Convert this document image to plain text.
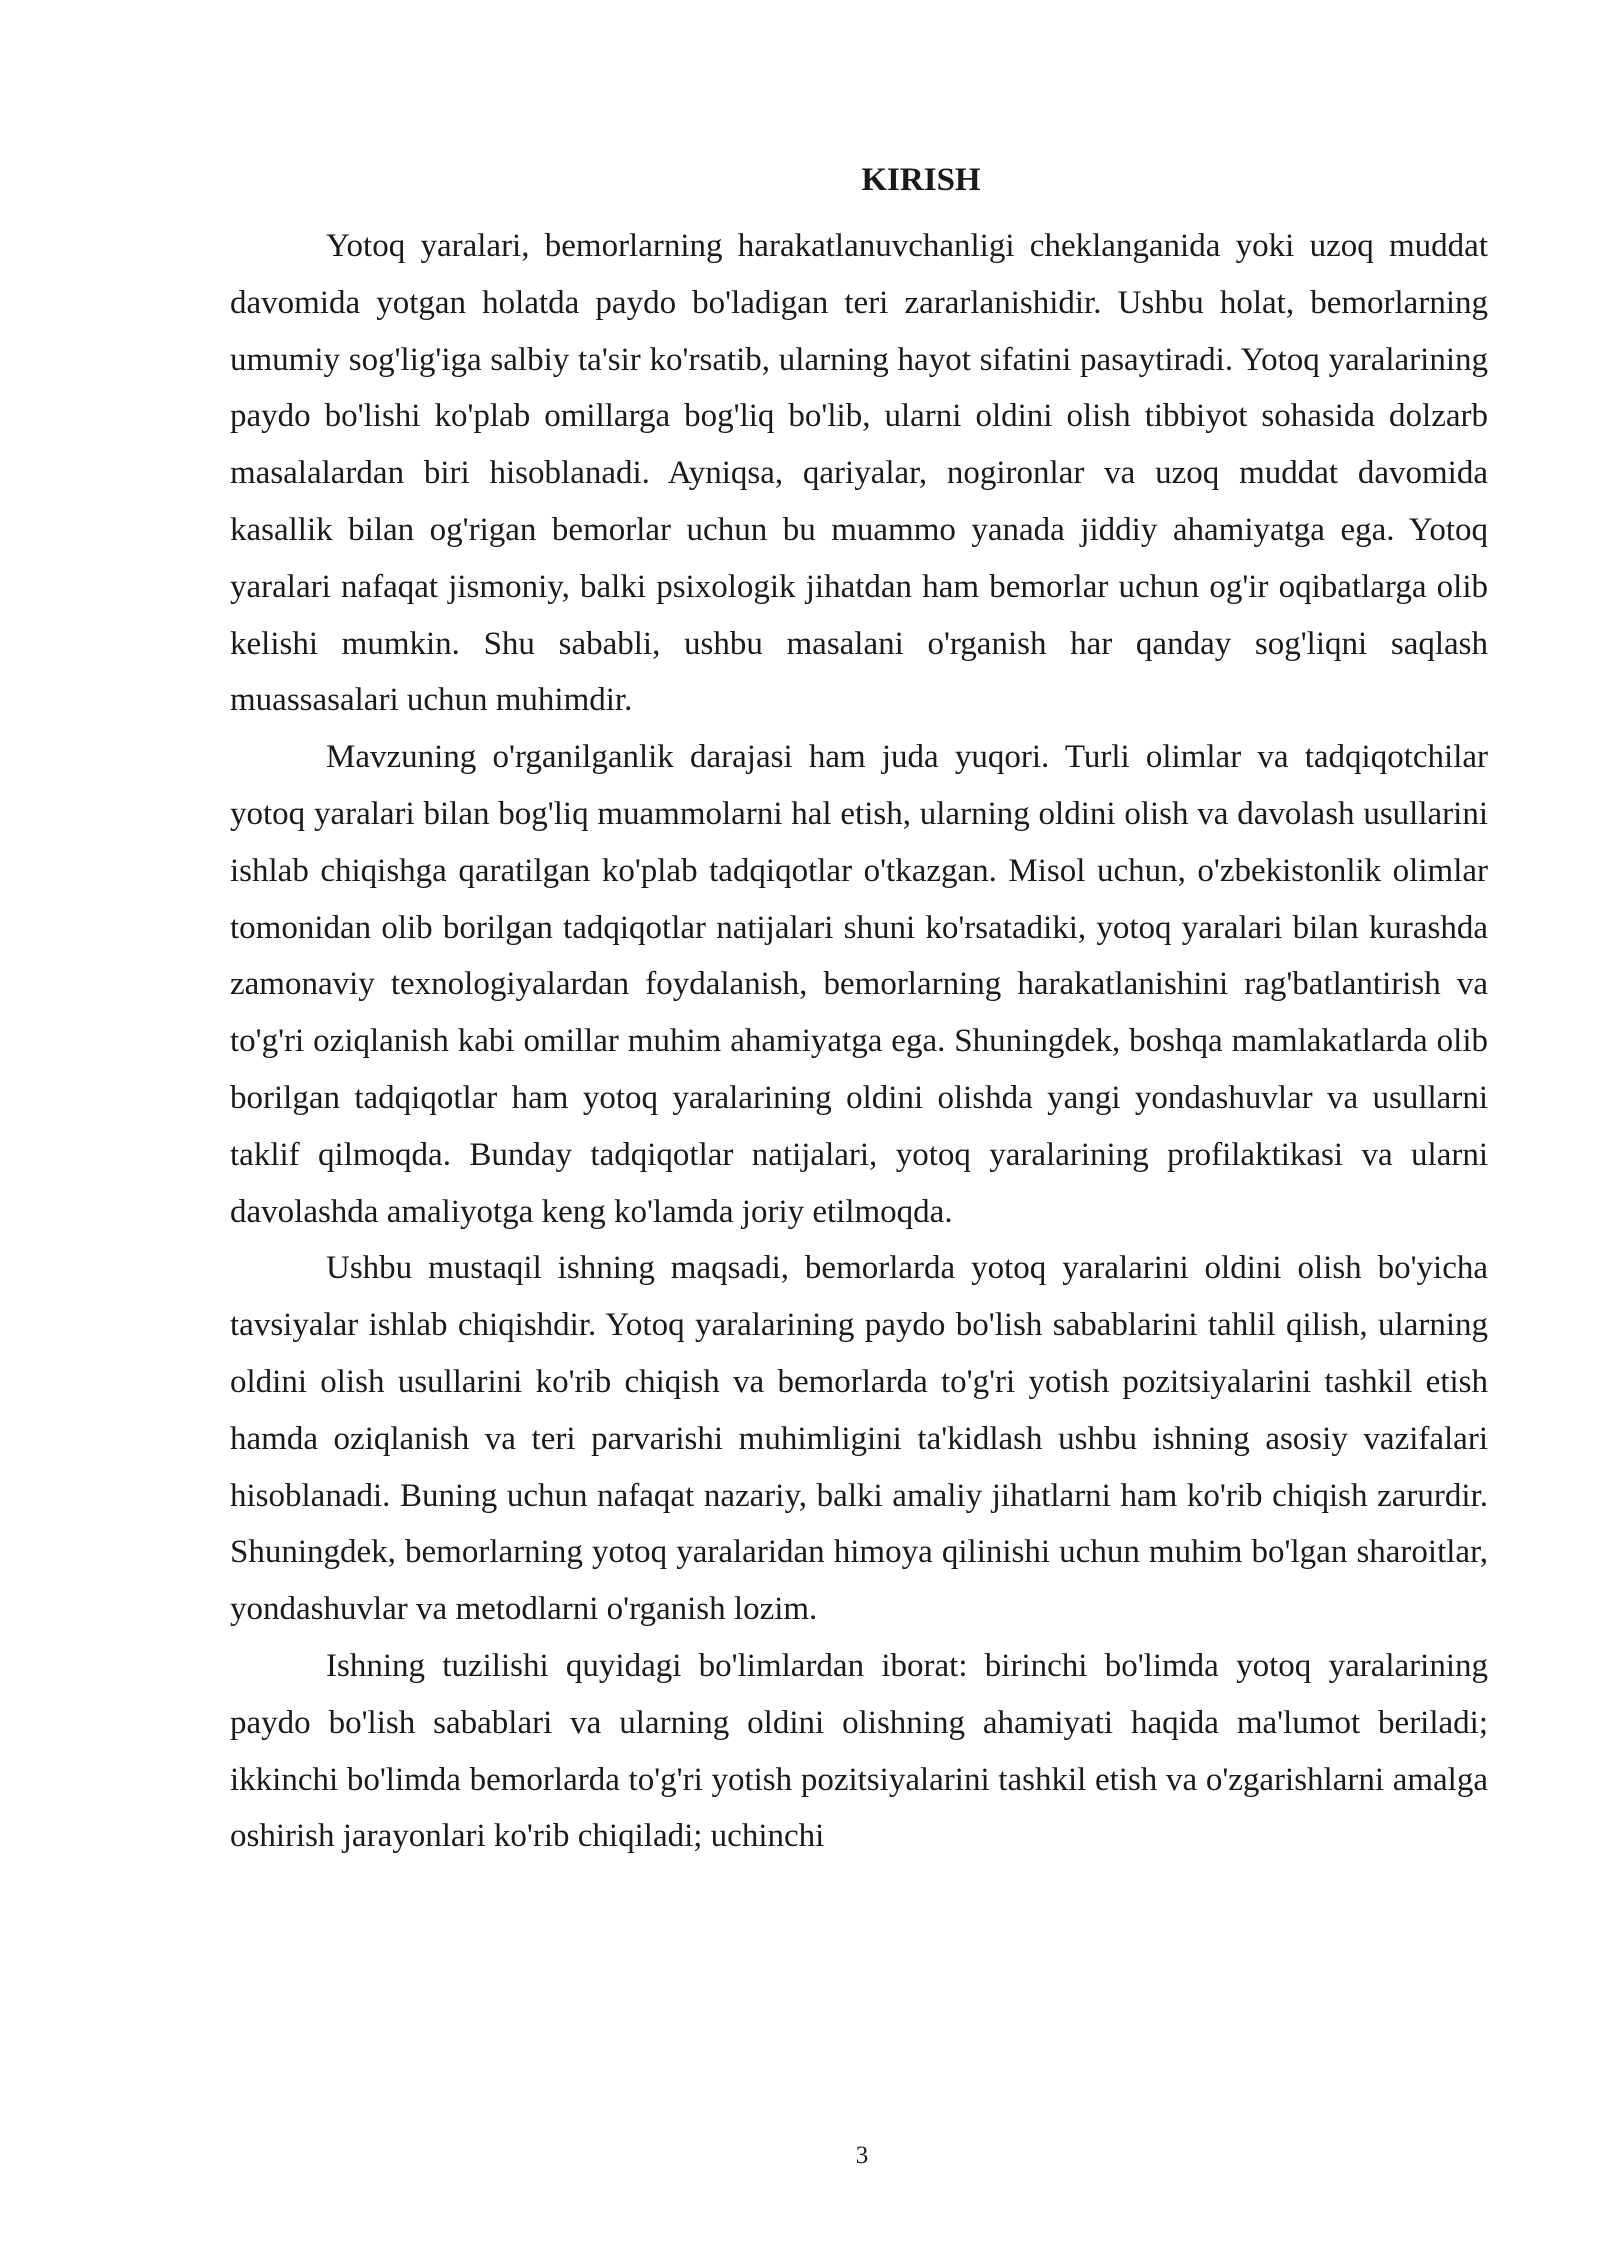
KIRISH

Yotoq yaralari, bemorlarning harakatlanuvchanligi cheklanganida yoki uzoq muddat davomida yotgan holatda paydo bo'ladigan teri zararlanishidir. Ushbu holat, bemorlarning umumiy sog'lig'iga salbiy ta'sir ko'rsatib, ularning hayot sifatini pasaytiradi. Yotoq yaralarining paydo bo'lishi ko'plab omillarga bog'liq bo'lib, ularni oldini olish tibbiyot sohasida dolzarb masalalardan biri hisoblanadi. Ayniqsa, qariyalar, nogironlar va uzoq muddat davomida kasallik bilan og'rigan bemorlar uchun bu muammo yanada jiddiy ahamiyatga ega. Yotoq yaralari nafaqat jismoniy, balki psixologik jihatdan ham bemorlar uchun og'ir oqibatlarga olib kelishi mumkin. Shu sababli, ushbu masalani o'rganish har qanday sog'liqni saqlash muassasalari uchun muhimdir.

Mavzuning o'rganilganlik darajasi ham juda yuqori. Turli olimlar va tadqiqotchilar yotoq yaralari bilan bog'liq muammolarni hal etish, ularning oldini olish va davolash usullarini ishlab chiqishga qaratilgan ko'plab tadqiqotlar o'tkazgan. Misol uchun, o'zbekistonlik olimlar tomonidan olib borilgan tadqiqotlar natijalari shuni ko'rsatadiki, yotoq yaralari bilan kurashda zamonaviy texnologiyalardan foydalanish, bemorlarning harakatlanishini rag'batlantirish va to'g'ri oziqlanish kabi omillar muhim ahamiyatga ega. Shuningdek, boshqa mamlakatlarda olib borilgan tadqiqotlar ham yotoq yaralarining oldini olishda yangi yondashuvlar va usullarni taklif qilmoqda. Bunday tadqiqotlar natijalari, yotoq yaralarining profilaktikasi va ularni davolashda amaliyotga keng ko'lamda joriy etilmoqda.

Ushbu mustaqil ishning maqsadi, bemorlarda yotoq yaralarini oldini olish bo'yicha tavsiyalar ishlab chiqishdir. Yotoq yaralarining paydo bo'lish sabablarini tahlil qilish, ularning oldini olish usullarini ko'rib chiqish va bemorlarda to'g'ri yotish pozitsiyalarini tashkil etish hamda oziqlanish va teri parvarishi muhimligini ta'kidlash ushbu ishning asosiy vazifalari hisoblanadi. Buning uchun nafaqat nazariy, balki amaliy jihatlarni ham ko'rib chiqish zarurdir. Shuningdek, bemorlarning yotoq yaralaridan himoya qilinishi uchun muhim bo'lgan sharoitlar, yondashuvlar va metodlarni o'rganish lozim.

Ishning tuzilishi quyidagi bo'limlardan iborat: birinchi bo'limda yotoq yaralarining paydo bo'lish sabablari va ularning oldini olishning ahamiyati haqida ma'lumot beriladi; ikkinchi bo'limda bemorlarda to'g'ri yotish pozitsiyalarini tashkil etish va o'zgarishlarni amalga oshirish jarayonlari ko'rib chiqiladi; uchinchi

3
